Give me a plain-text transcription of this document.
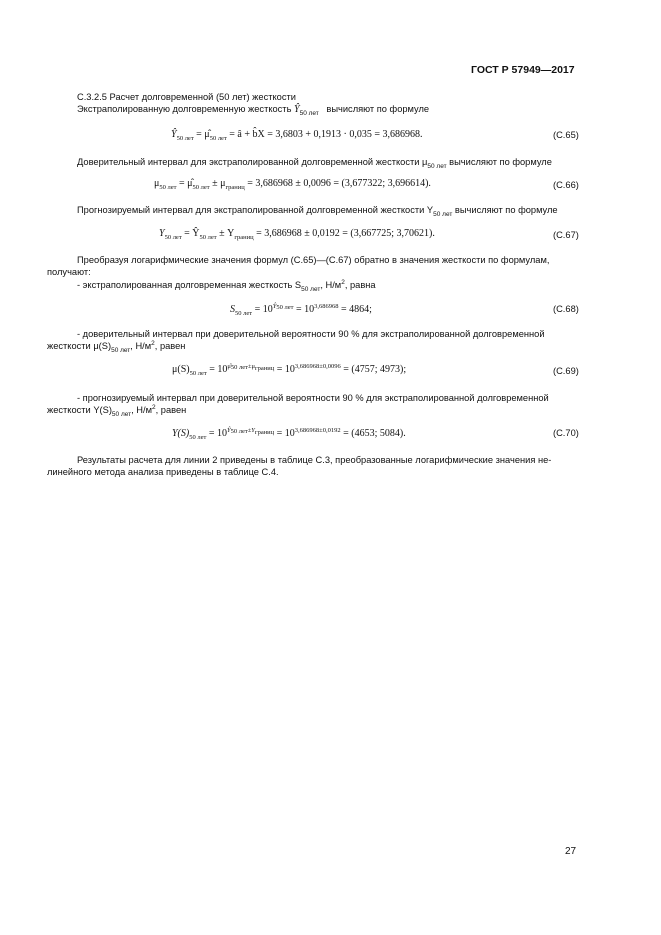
ГОСТ Р 57949—2017
С.3.2.5 Расчет долговременной (50 лет) жесткости
Экстраполированную долговременную жесткость $Ŷ_{50 лет}$ вычисляют по формуле
$Ŷ_{50 лет}$ = $\mû_{50 лет}$ = â + b̂X = 3,6803 + 0,1913 · 0,035 = 3,686968.	(С.65)
Доверительный интервал для экстраполированной долговременной жесткости $\mu_{50 лет}$ вычисляют по формуле
$\mu_{50 лет}$ = $\mû_{50 лет} \pm \mu_{границ} = 3,686968 \pm 0,0096 = (3,677322$; 3,696614).	(С.66)
Прогнозируемый интервал для экстраполированной долговременной жесткости $Y_{50 лет}$ вычисляют по формуле
$Y_{50 лет}$ = $Ŷ_{50 лет} \pm Y_{границ} = 3,686968 \pm 0,0192 = (3,667725$; 3,70621).	(С.67)
Преобразуя логарифмические значения формул (С.65)—(С.67) обратно в значения жесткости по формулам,
получают:
- экстраполированная долговременная жесткость $S_{50 лет}$, $Н/м^2$, равна
$S_{50 лет} = 10^{Ŷ50 лет} = 10^{3,686968} = 4864$;	(С.68)
- доверительный интервал при доверительной вероятности 90 % для экстраполированной долговременной
жесткости $\mu(S)_{50 лет}$, $Н/м^2$, равен
$\mu(S)_{50 лет} = 10^{\mû50 лет\pm\mu границ} = 10^{3,686968\pm 0,0096} = (4757$; 4973);	(С.69)
- прогнозируемый интервал при доверительной вероятности 90 % для экстраполированной долговременной
жесткости $Y(S)_{50 лет}$, $Н/м^2$, равен
$Y(S)_{50 лет} = 10^{Ŷ50 лет\pm Yграниц} = 10^{3,686968\pm 0,0192} = (4653$; 5084).	(С.70)
Результаты расчета для линии 2 приведены в таблице С.3, преобразованные логарифмические значения не-
линейного метода анализа приведены в таблице С.4.
27
